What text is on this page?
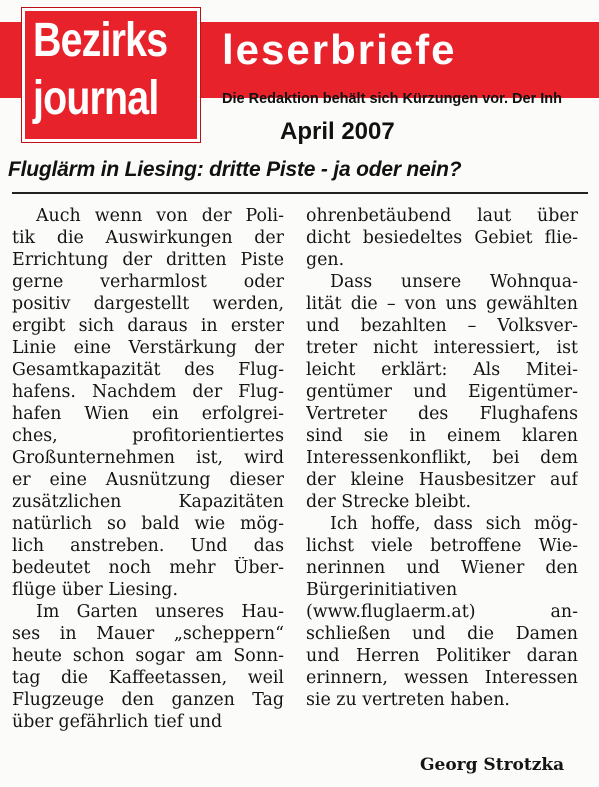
Bezirks
journal
leserbriefe
Die Redaktion behält sich Kürzungen vor. Der Inh
April 2007
Fluglärm in Liesing: dritte Piste - ja oder nein?
Auch wenn von der Poli-
tik die Auswirkungen der
Errichtung der dritten Piste
gerne verharmlost oder
positiv dargestellt werden,
ergibt sich daraus in erster
Linie eine Verstärkung der
Gesamtkapazität des Flug-
hafens. Nachdem der Flug-
hafen Wien ein erfolgrei-
ches, profitorientiertes
Großunternehmen ist, wird
er eine Ausnützung dieser
zusätzlichen Kapazitäten
natürlich so bald wie mög-
lich anstreben. Und das
bedeutet noch mehr Über-
flüge über Liesing.
Im Garten unseres Hau-
ses in Mauer „scheppern“
heute schon sogar am Sonn-
tag die Kaffeetassen, weil
Flugzeuge den ganzen Tag
über gefährlich tief und
ohrenbetäubend laut über
dicht besiedeltes Gebiet flie-
gen.
Dass unsere Wohnqua-
lität die – von uns gewählten
und bezahlten – Volksver-
treter nicht interessiert, ist
leicht erklärt: Als Mitei-
gentümer und Eigentümer-
Vertreter des Flughafens
sind sie in einem klaren
Interessenkonflikt, bei dem
der kleine Hausbesitzer auf
der Strecke bleibt.
Ich hoffe, dass sich mög-
lichst viele betroffene Wie-
nerinnen und Wiener den
Bürgerinitiativen
(www.fluglaerm.at) an-
schließen und die Damen
und Herren Politiker daran
erinnern, wessen Interessen
sie zu vertreten haben.
Georg Strotzka
